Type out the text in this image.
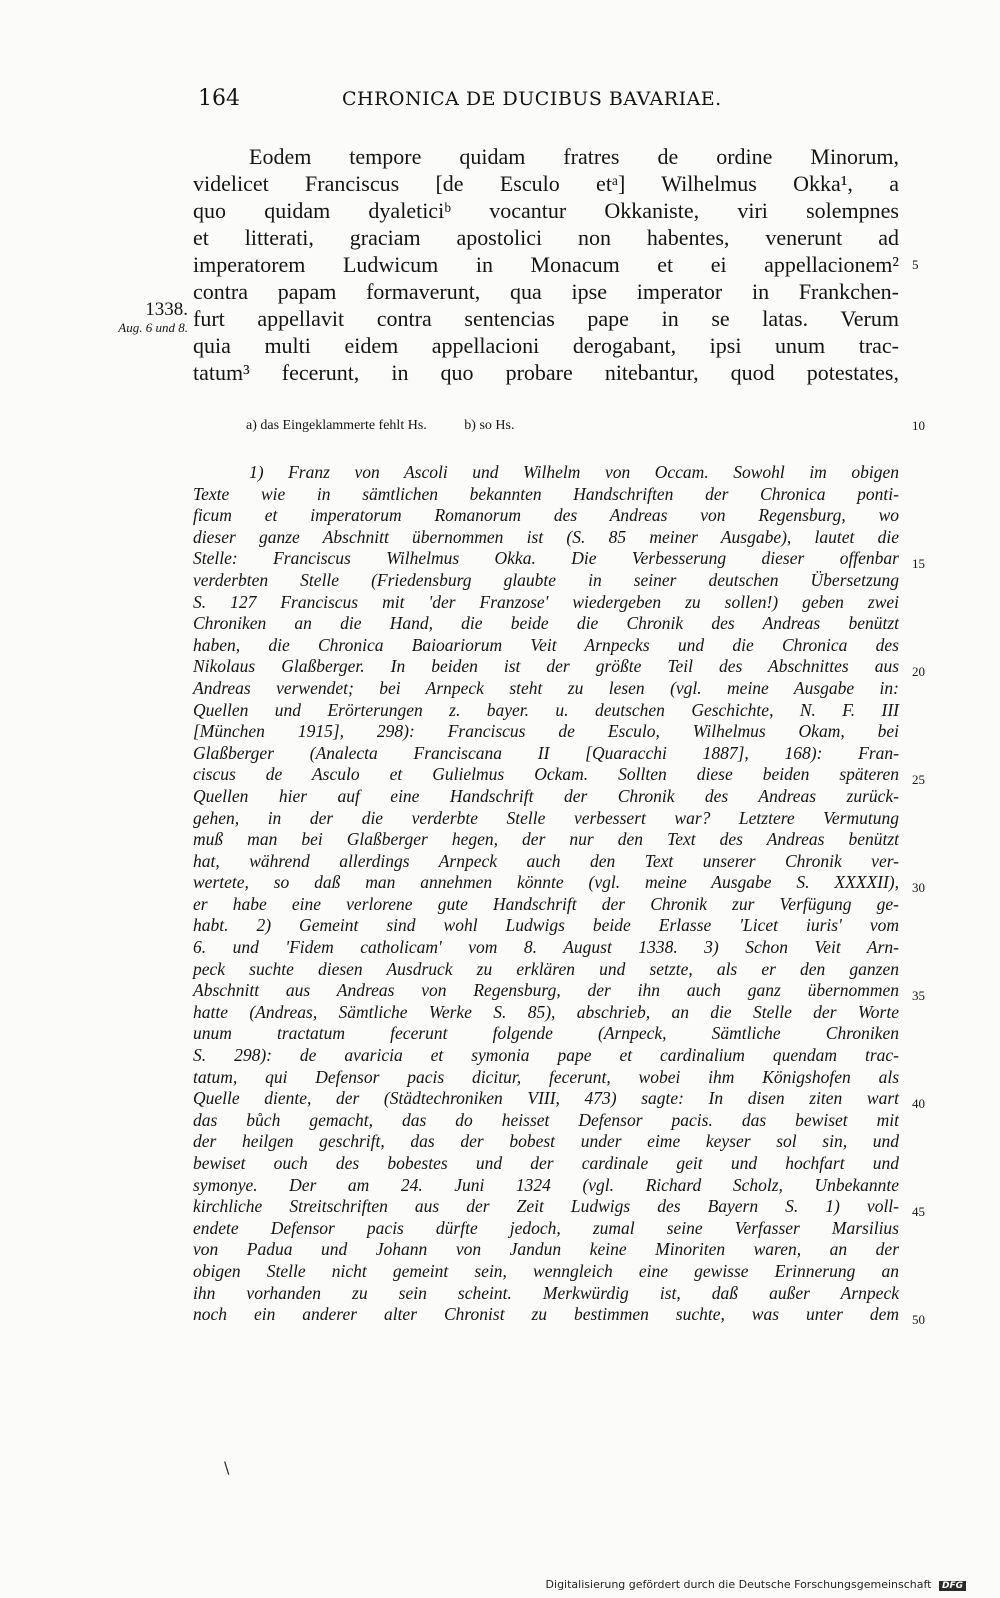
164	CHRONICA DE DUCIBUS BAVARIAE.
Eodem tempore quidam fratres de ordine Minorum,
videlicet Franciscus [de Esculo etᵃ] Wilhelmus Okka¹, a
quo quidam dyaleticiᵇ vocantur Okkaniste, viri solempnes
et litterati, graciam apostolici non habentes, venerunt ad
imperatorem Ludwicum in Monacum et ei appellacionem²
contra papam formaverunt, qua ipse imperator in Frankchen-
furt appellavit contra sentencias pape in se latas. Verum
quia multi eidem appellacioni derogabant, ipsi unum trac-
tatum³ fecerunt, in quo probare nitebantur, quod potestates,
1338.
Aug. 6 und 8.
5
10
a) das Eingeklammerte fehlt Hs.	b) so Hs.
1) Franz von Ascoli und Wilhelm von Occam. Sowohl im obigen
Texte wie in sämtlichen bekannten Handschriften der Chronica ponti-
ficum et imperatorum Romanorum des Andreas von Regensburg, wo
dieser ganze Abschnitt übernommen ist (S. 85 meiner Ausgabe), lautet die
Stelle: Franciscus Wilhelmus Okka. Die Verbesserung dieser offenbar
verderbten Stelle (Friedensburg glaubte in seiner deutschen Übersetzung
S. 127 Franciscus mit 'der Franzose' wiedergeben zu sollen!) geben zwei
Chroniken an die Hand, die beide die Chronik des Andreas benützt
haben, die Chronica Baioariorum Veit Arnpecks und die Chronica des
Nikolaus Glaßberger. In beiden ist der größte Teil des Abschnittes aus
Andreas verwendet; bei Arnpeck steht zu lesen (vgl. meine Ausgabe in:
Quellen und Erörterungen z. bayer. u. deutschen Geschichte, N. F. III
[München 1915], 298): Franciscus de Esculo, Wilhelmus Okam, bei
Glaßberger (Analecta Franciscana II [Quaracchi 1887], 168): Fran-
ciscus de Asculo et Gulielmus Ockam. Sollten diese beiden späteren
Quellen hier auf eine Handschrift der Chronik des Andreas zurück-
gehen, in der die verderbte Stelle verbessert war? Letztere Vermutung
muß man bei Glaßberger hegen, der nur den Text des Andreas benützt
hat, während allerdings Arnpeck auch den Text unserer Chronik ver-
wertete, so daß man annehmen könnte (vgl. meine Ausgabe S. XXXXII),
er habe eine verlorene gute Handschrift der Chronik zur Verfügung ge-
habt. 2) Gemeint sind wohl Ludwigs beide Erlasse 'Licet iuris' vom
6. und 'Fidem catholicam' vom 8. August 1338. 3) Schon Veit Arn-
peck suchte diesen Ausdruck zu erklären und setzte, als er den ganzen
Abschnitt aus Andreas von Regensburg, der ihn auch ganz übernommen
hatte (Andreas, Sämtliche Werke S. 85), abschrieb, an die Stelle der Worte
unum tractatum fecerunt folgende (Arnpeck, Sämtliche Chroniken
S. 298): de avaricia et symonia pape et cardinalium quendam trac-
tatum, qui Defensor pacis dicitur, fecerunt, wobei ihm Königshofen als
Quelle diente, der (Städtechroniken VIII, 473) sagte: In disen ziten wart
das bůch gemacht, das do heisset Defensor pacis. das bewiset mit
der heilgen geschrift, das der bobest under eime keyser sol sin, und
bewiset ouch des bobestes und der cardinale geit und hochfart und
symonye. Der am 24. Juni 1324 (vgl. Richard Scholz, Unbekannte
kirchliche Streitschriften aus der Zeit Ludwigs des Bayern S. 1) voll-
endete Defensor pacis dürfte jedoch, zumal seine Verfasser Marsilius
von Padua und Johann von Jandun keine Minoriten waren, an der
obigen Stelle nicht gemeint sein, wenngleich eine gewisse Erinnerung an
ihn vorhanden zu sein scheint. Merkwürdig ist, daß außer Arnpeck
noch ein anderer alter Chronist zu bestimmen suchte, was unter dem
15
20
25
30
35
40
45
50
\
Digitalisierung gefördert durch die Deutsche Forschungsgemeinschaft DFG
